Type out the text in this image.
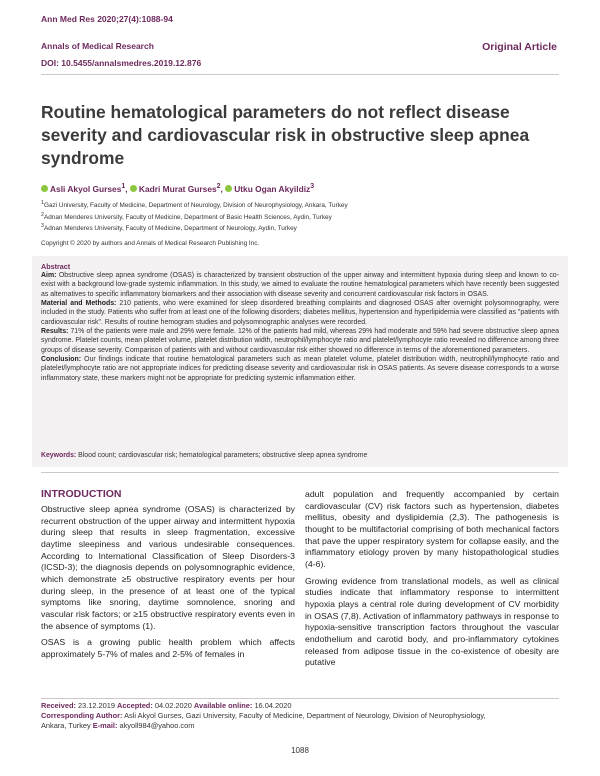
Ann Med Res 2020;27(4):1088-94
Annals of Medical Research
DOI: 10.5455/annalsmedres.2019.12.876
Original Article
Routine hematological parameters do not reflect disease severity and cardiovascular risk in obstructive sleep apnea syndrome
Asli Akyol Gurses$^1$, Kadri Murat Gurses$^2$, Utku Ogan Akyildiz$^3$
$^1$Gazi University, Faculty of Medicine, Department of Neurology, Division of Neurophysiology, Ankara, Turkey
$^2$Adnan Menderes University, Faculty of Medicine, Department of Basic Health Sciences, Aydin, Turkey
$^3$Adnan Menderes University, Faculty of Medicine, Department of Neurology, Aydin, Turkey
Copyright © 2020 by authors and Annals of Medical Research Publishing Inc.
Abstract
Aim: Obstructive sleep apnea syndrome (OSAS) is characterized by transient obstruction of the upper airway and intermittent hypoxia during sleep and known to co-exist with a background low-grade systemic inflammation. In this study, we aimed to evaluate the routine hematological parameters which have recently been suggested as alternatives to specific inflammatory biomarkers and their association with disease severity and concurrent cardiovascular risk factors in OSAS.
Material and Methods: 210 patients, who were examined for sleep disordered breathing complaints and diagnosed OSAS after overnight polysomnography, were included in the study. Patients who suffer from at least one of the following disorders; diabetes mellitus, hypertension and hyperlipidemia were classified as "patients with cardiovascular risk". Results of routine hemogram studies and polysomnographic analyses were recorded.
Results: 71% of the patients were male and 29% were female. 12% of the patients had mild, whereas 29% had moderate and 59% had severe obstructive sleep apnea syndrome. Platelet counts, mean platelet volume, platelet distribution width, neutrophil/lymphocyte ratio and platelet/lymphocyte ratio revealed no difference among three groups of disease severity. Comparison of patients with and without cardiovascular risk either showed no difference in terms of the aforementioned parameters.
Conclusion: Our findings indicate that routine hematological parameters such as mean platelet volume, platelet distribution width, neutrophil/lymphocyte ratio and platelet/lymphocyte ratio are not appropriate indices for predicting disease severity and cardiovascular risk in OSAS patients. As severe disease corresponds to a worse inflammatory state, these markers might not be appropriate for predicting systemic inflammation either.
Keywords: Blood count; cardiovascular risk; hematological parameters; obstructive sleep apnea syndrome
INTRODUCTION

Obstructive sleep apnea syndrome (OSAS) is characterized by recurrent obstruction of the upper airway and intermittent hypoxia during sleep that results in sleep fragmentation, excessive daytime sleepiness and various undesirable consequences. According to International Classification of Sleep Disorders-3 (ICSD-3); the diagnosis depends on polysomnographic evidence, which demonstrate ≥5 obstructive respiratory events per hour during sleep, in the presence of at least one of the typical symptoms like snoring, daytime somnolence, snoring and vascular risk factors; or ≥15 obstructive respiratory events even in the absence of symptoms (1).

OSAS is a growing public health problem which affects approximately 5-7% of males and 2-5% of females in

adult population and frequently accompanied by certain cardiovascular (CV) risk factors such as hypertension, diabetes mellitus, obesity and dyslipidemia (2,3). The pathogenesis is thought to be multifactorial comprising of both mechanical factors that pave the upper respiratory system for collapse easily, and the inflammatory etiology proven by many histopathological studies (4-6).

Growing evidence from translational models, as well as clinical studies indicate that inflammatory response to intermittent hypoxia plays a central role during development of CV morbidity in OSAS (7,8). Activation of inflammatory pathways in response to hypoxia-sensitive transcription factors throughout the vascular endothelium and carotid body, and pro-inflammatory cytokines released from adipose tissue in the co-existence of obesity are putative

Received: 23.12.2019 Accepted: 04.02.2020 Available online: 16.04.2020
Corresponding Author: Asli Akyol Gurses, Gazi University, Faculty of Medicine, Department of Neurology, Division of Neurophysiology,
Ankara, Turkey E-mail: akyoll984@yahoo.com
1088
